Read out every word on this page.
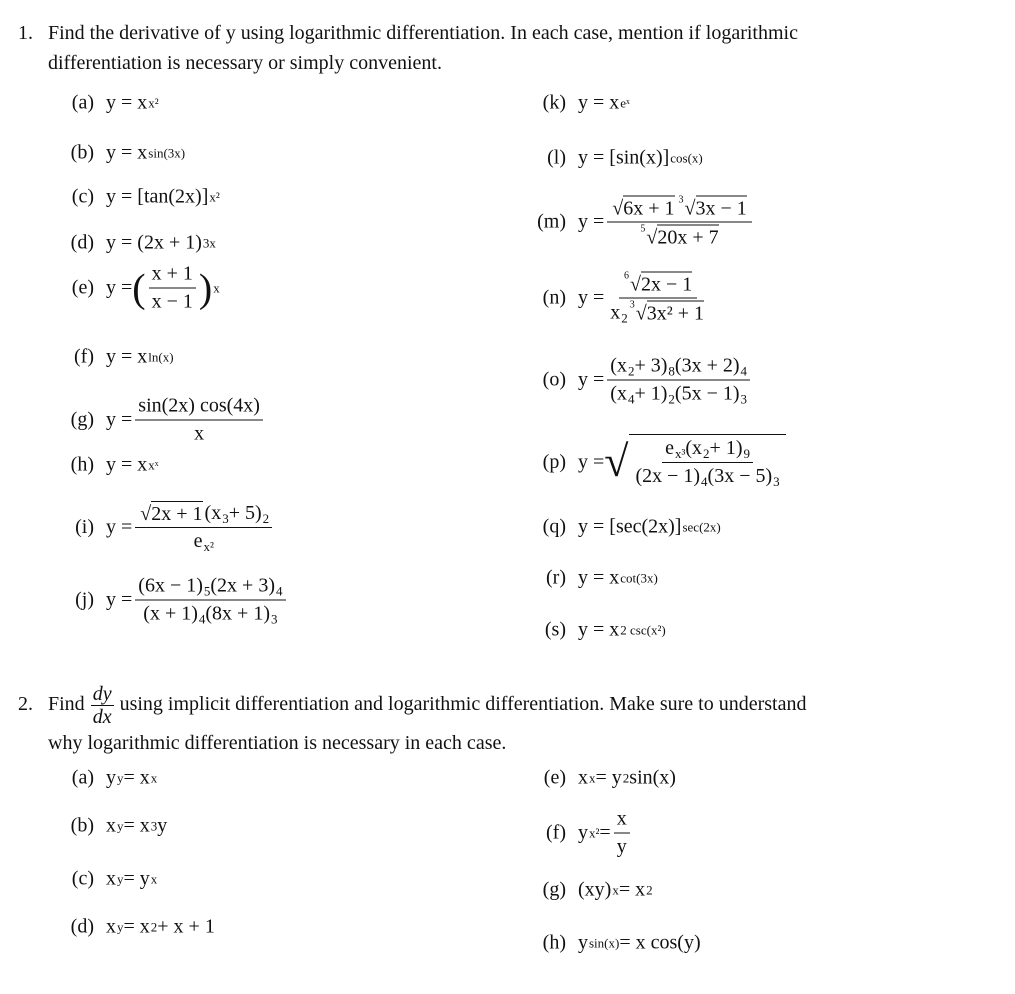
1. Find the derivative of y using logarithmic differentiation. In each case, mention if logarithmic
differentiation is necessary or simply convenient.
2. Find $\frac{dy}{dx}$ using implicit differentiation and logarithmic differentiation. Make sure to understand
why logarithmic differentiation is necessary in each case.
(a) y = x x²
(b) y = x sin(3x)
(c) y = [tan(2x)] x²
(d) y = (2x + 1) 3x
(e) y = ( $\frac{x + 1}{x - 1}$ ) x
(f) y = x ln(x)
(g) $y = \frac{\sin(2x) \cos(4x)}{x}$
(h) y = x xˣ
(i) $y = \frac{√ 2x + 1 (x_3 + 5)_2}{e_{x^2}}$
(j) $y = \frac{(6x - 1)_5 (2x + 3)_4}{(x + 1)_4 (8x + 1)_3}$
(k) y = x eˣ
(l) y = [sin(x)] cos(x)
(m) $y = \frac{√ 6x + 1 3 √ 3x - 1}{5 √ 20x + 7}$
(n) y = 6 √ 2x − 1
$x_2$
3 √ 3x² + 1
(o) $y = \frac{(x_2 + 3)_8 (3x + 2)_4}{(x_4 + 1)_2 (5x - 1)_3}$
(p) y = √ $\frac{e_{x^3} (x_2 + 1)_9}{(2x - 1)_4 (3x - 5)_3}$
(q) y = [sec(2x)] sec(2x)
(r) y = x cot(3x)
(s) y = x 2 csc(x²)
(a) y y = x x
(b) x y = x 3 y
(c) x y = y x
(d) x y = x 2 + x + 1
(e) x x = y 2 sin(x)
(f) y $x^2 = \frac{x}{y}$
(g) (xy) x = x 2
(h) y sin(x) = x cos(y)
